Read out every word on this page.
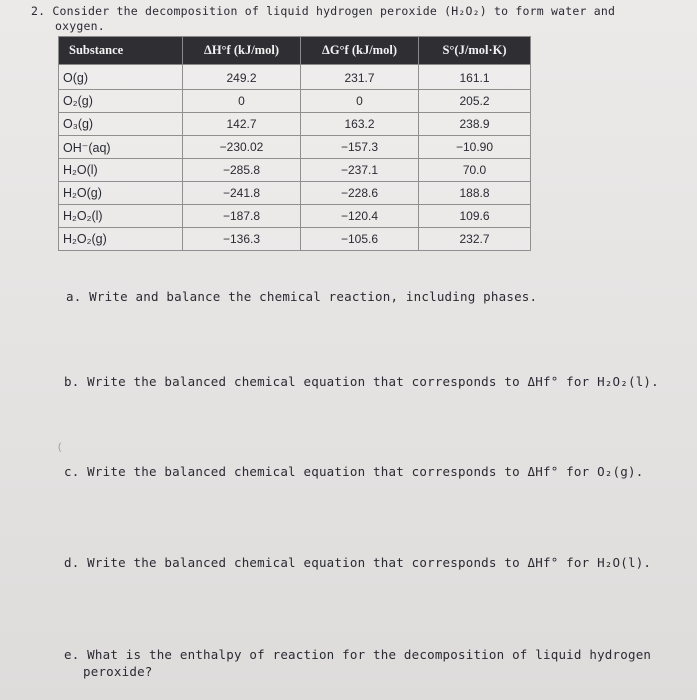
2. Consider the decomposition of liquid hydrogen peroxide (H₂O₂) to form water and
oxygen.
Substance	ΔH°f (kJ/mol)	ΔG°f (kJ/mol)	S°(J/mol·K)
O(g)	249.2	231.7	161.1
O₂(g)	0	0	205.2
O₃(g)	142.7	163.2	238.9
OH⁻(aq)	−230.02	−157.3	−10.90
H₂O(l)	−285.8	−237.1	70.0
H₂O(g)	−241.8	−228.6	188.8
H₂O₂(l)	−187.8	−120.4	109.6
H₂O₂(g)	−136.3	−105.6	232.7
a. Write and balance the chemical reaction, including phases.
b. Write the balanced chemical equation that corresponds to ΔHf° for H₂O₂(l).
(
c. Write the balanced chemical equation that corresponds to ΔHf° for O₂(g).
d. Write the balanced chemical equation that corresponds to ΔHf° for H₂O(l).
e. What is the enthalpy of reaction for the decomposition of liquid hydrogen
peroxide?
